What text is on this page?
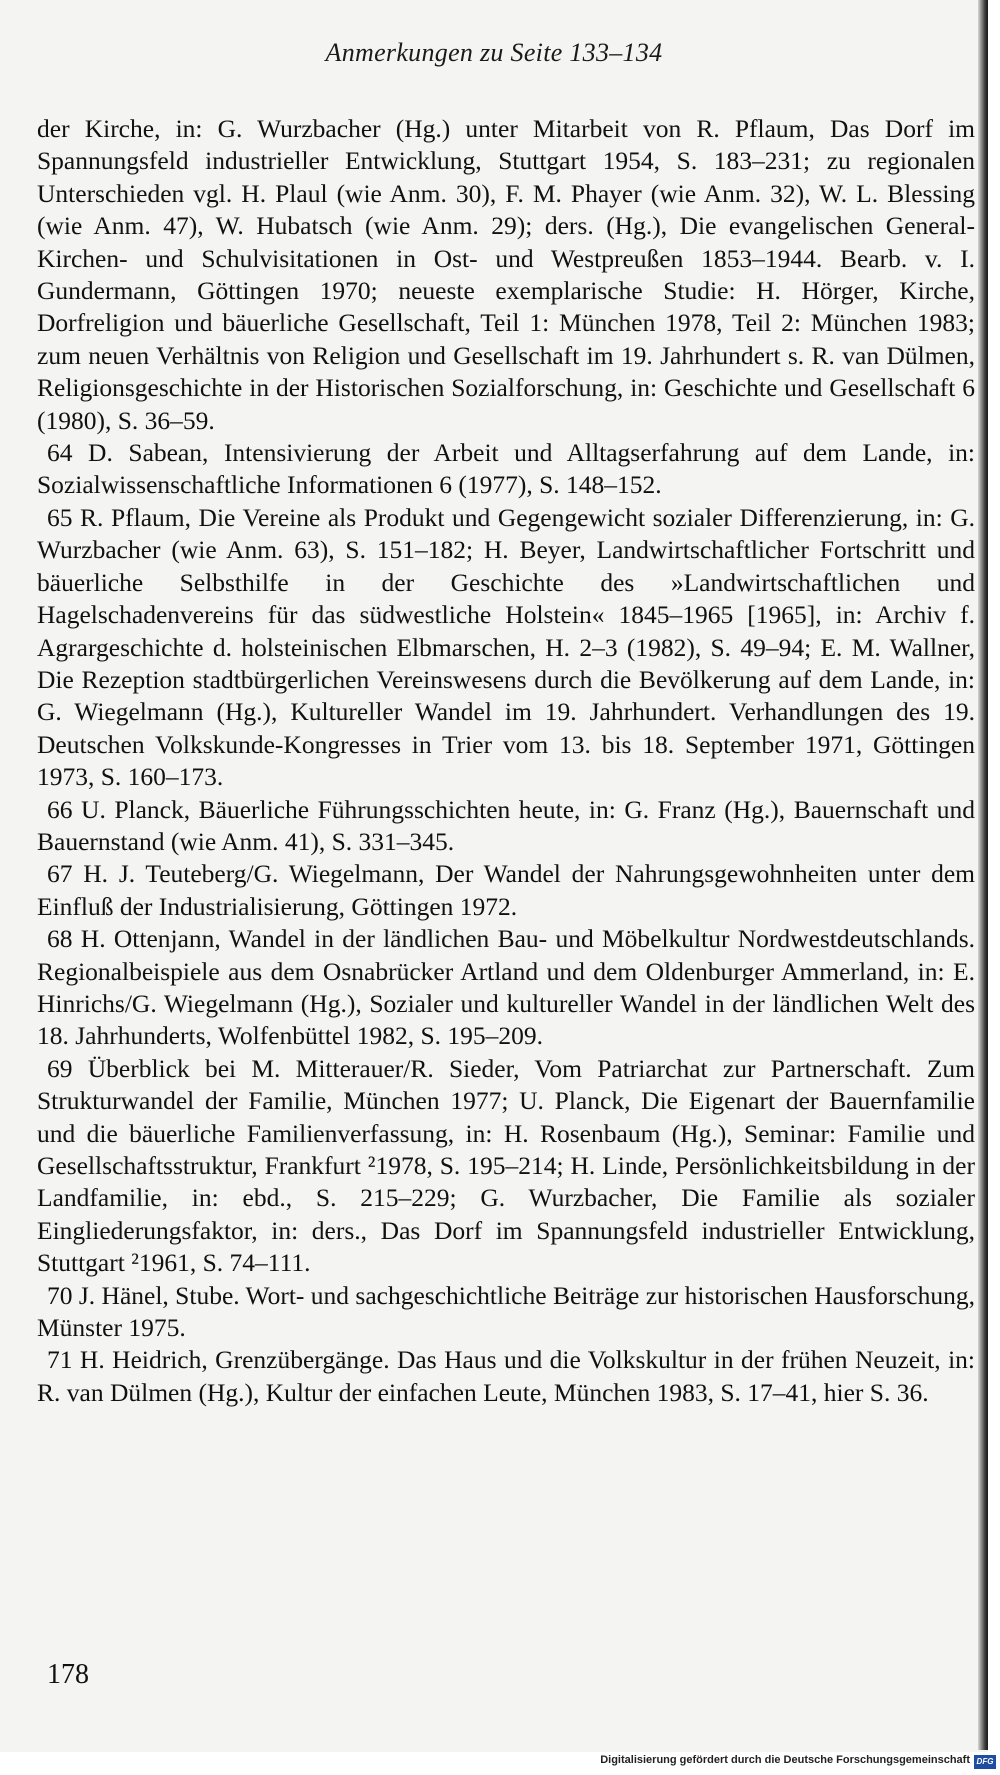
Anmerkungen zu Seite 133–134

der Kirche, in: G. Wurzbacher (Hg.) unter Mitarbeit von R. Pflaum, Das Dorf im Spannungsfeld industrieller Entwicklung, Stuttgart 1954, S. 183–231; zu regionalen Unterschieden vgl. H. Plaul (wie Anm. 30), F. M. Phayer (wie Anm. 32), W. L. Blessing (wie Anm. 47), W. Hubatsch (wie Anm. 29); ders. (Hg.), Die evangelischen General-Kirchen- und Schulvisitationen in Ost- und Westpreußen 1853–1944. Bearb. v. I. Gundermann, Göttingen 1970; neueste exemplarische Studie: H. Hörger, Kirche, Dorfreligion und bäuerliche Gesellschaft, Teil 1: München 1978, Teil 2: München 1983; zum neuen Verhältnis von Religion und Gesellschaft im 19. Jahrhundert s. R. van Dülmen, Religionsgeschichte in der Historischen Sozialforschung, in: Geschichte und Gesellschaft 6 (1980), S. 36–59.

64 D. Sabean, Intensivierung der Arbeit und Alltagserfahrung auf dem Lande, in: Sozialwissenschaftliche Informationen 6 (1977), S. 148–152.

65 R. Pflaum, Die Vereine als Produkt und Gegengewicht sozialer Differenzierung, in: G. Wurzbacher (wie Anm. 63), S. 151–182; H. Beyer, Landwirtschaftlicher Fortschritt und bäuerliche Selbsthilfe in der Geschichte des »Landwirtschaftlichen und Hagelschadenvereins für das südwestliche Holstein« 1845–1965 [1965], in: Archiv f. Agrargeschichte d. holsteinischen Elbmarschen, H. 2–3 (1982), S. 49–94; E. M. Wallner, Die Rezeption stadtbürgerlichen Vereinswesens durch die Bevölkerung auf dem Lande, in: G. Wiegelmann (Hg.), Kultureller Wandel im 19. Jahrhundert. Verhandlungen des 19. Deutschen Volkskunde-Kongresses in Trier vom 13. bis 18. September 1971, Göttingen 1973, S. 160–173.

66 U. Planck, Bäuerliche Führungsschichten heute, in: G. Franz (Hg.), Bauernschaft und Bauernstand (wie Anm. 41), S. 331–345.

67 H. J. Teuteberg/G. Wiegelmann, Der Wandel der Nahrungsgewohnheiten unter dem Einfluß der Industrialisierung, Göttingen 1972.

68 H. Ottenjann, Wandel in der ländlichen Bau- und Möbelkultur Nordwestdeutschlands. Regionalbeispiele aus dem Osnabrücker Artland und dem Oldenburger Ammerland, in: E. Hinrichs/G. Wiegelmann (Hg.), Sozialer und kultureller Wandel in der ländlichen Welt des 18. Jahrhunderts, Wolfenbüttel 1982, S. 195–209.

69 Überblick bei M. Mitterauer/R. Sieder, Vom Patriarchat zur Partnerschaft. Zum Strukturwandel der Familie, München 1977; U. Planck, Die Eigenart der Bauernfamilie und die bäuerliche Familienverfassung, in: H. Rosenbaum (Hg.), Seminar: Familie und Gesellschaftsstruktur, Frankfurt ²1978, S. 195–214; H. Linde, Persönlichkeitsbildung in der Landfamilie, in: ebd., S. 215–229; G. Wurzbacher, Die Familie als sozialer Eingliederungsfaktor, in: ders., Das Dorf im Spannungsfeld industrieller Entwicklung, Stuttgart ²1961, S. 74–111.

70 J. Hänel, Stube. Wort- und sachgeschichtliche Beiträge zur historischen Hausforschung, Münster 1975.

71 H. Heidrich, Grenzübergänge. Das Haus und die Volkskultur in der frühen Neuzeit, in: R. van Dülmen (Hg.), Kultur der einfachen Leute, München 1983, S. 17–41, hier S. 36.

178
Digitalisierung gefördert durch die Deutsche Forschungsgemeinschaft DFG
